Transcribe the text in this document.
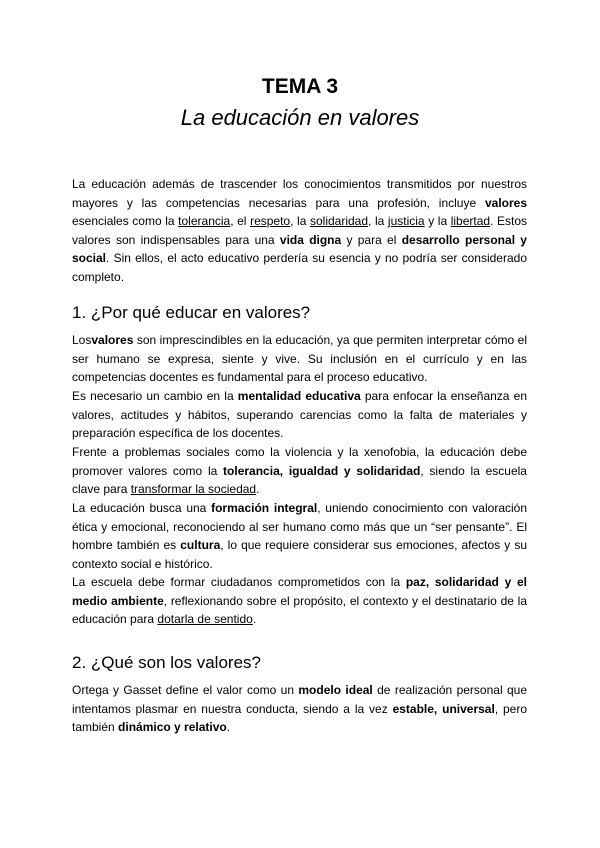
TEMA 3
La educación en valores

La educación además de trascender los conocimientos transmitidos por nuestros mayores y las competencias necesarias para una profesión, incluye valores esenciales como la tolerancia, el respeto, la solidaridad, la justicia y la libertad. Estos valores son indispensables para una vida digna y para el desarrollo personal y social. Sin ellos, el acto educativo perdería su esencia y no podría ser considerado completo.

1. ¿Por qué educar en valores?

Losvalores son imprescindibles en la educación, ya que permiten interpretar cómo el ser humano se expresa, siente y vive. Su inclusión en el currículo y en las competencias docentes es fundamental para el proceso educativo.

Es necesario un cambio en la mentalidad educativa para enfocar la enseñanza en valores, actitudes y hábitos, superando carencias como la falta de materiales y preparación específica de los docentes.

Frente a problemas sociales como la violencia y la xenofobia, la educación debe promover valores como la tolerancia, igualdad y solidaridad, siendo la escuela clave para transformar la sociedad.

La educación busca una formación integral, uniendo conocimiento con valoración ética y emocional, reconociendo al ser humano como más que un “ser pensante”. El hombre también es cultura, lo que requiere considerar sus emociones, afectos y su contexto social e histórico.

La escuela debe formar ciudadanos comprometidos con la paz, solidaridad y el medio ambiente, reflexionando sobre el propósito, el contexto y el destinatario de la educación para dotarla de sentido.

2. ¿Qué son los valores?

Ortega y Gasset define el valor como un modelo ideal de realización personal que intentamos plasmar en nuestra conducta, siendo a la vez estable, universal, pero también dinámico y relativo.
